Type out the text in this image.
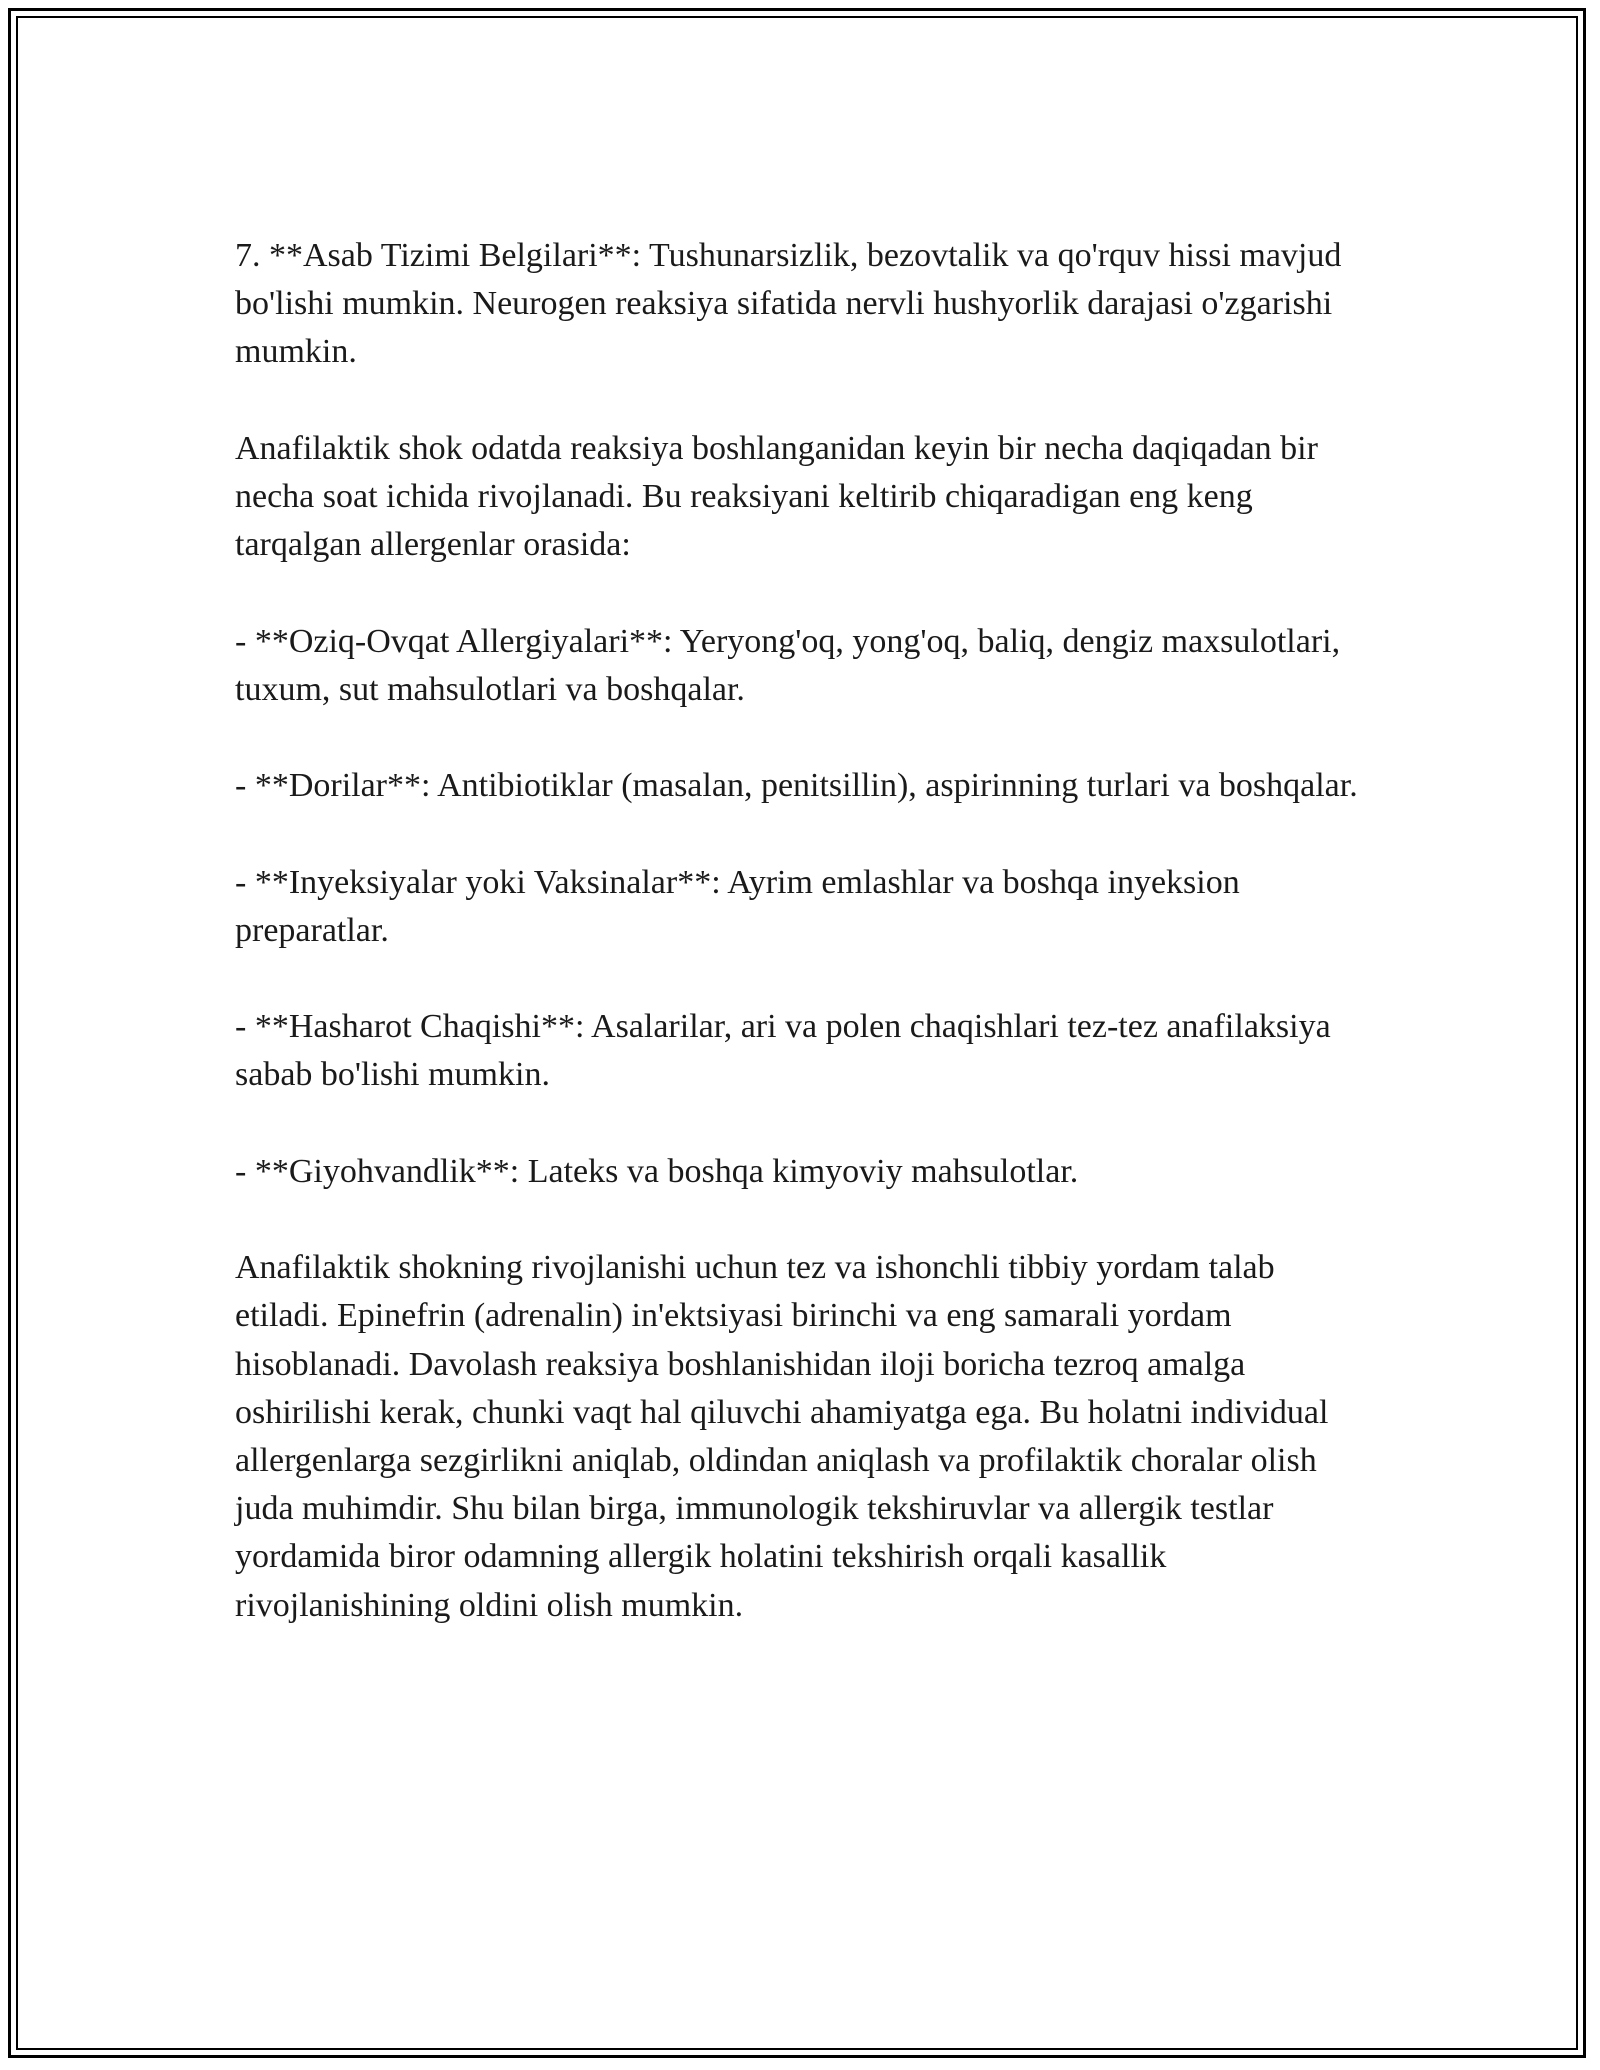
7. **Asab Tizimi Belgilari**: Tushunarsizlik, bezovtalik va qo'rquv hissi mavjud bo'lishi mumkin. Neurogen reaksiya sifatida nervli hushyorlik darajasi o'zgarishi mumkin.

Anafilaktik shok odatda reaksiya boshlanganidan keyin bir necha daqiqadan bir necha soat ichida rivojlanadi. Bu reaksiyani keltirib chiqaradigan eng keng tarqalgan allergenlar orasida:

- **Oziq-Ovqat Allergiyalari**: Yeryong'oq, yong'oq, baliq, dengiz maxsulotlari, tuxum, sut mahsulotlari va boshqalar.

- **Dorilar**: Antibiotiklar (masalan, penitsillin), aspirinning turlari va boshqalar.

- **Inyeksiyalar yoki Vaksinalar**: Ayrim emlashlar va boshqa inyeksion preparatlar.

- **Hasharot Chaqishi**: Asalarilar, ari va polen chaqishlari tez-tez anafilaksiya sabab bo'lishi mumkin.

- **Giyohvandlik**: Lateks va boshqa kimyoviy mahsulotlar.

Anafilaktik shokning rivojlanishi uchun tez va ishonchli tibbiy yordam talab etiladi. Epinefrin (adrenalin) in'ektsiyasi birinchi va eng samarali yordam hisoblanadi. Davolash reaksiya boshlanishidan iloji boricha tezroq amalga oshirilishi kerak, chunki vaqt hal qiluvchi ahamiyatga ega. Bu holatni individual allergenlarga sezgirlikni aniqlab, oldindan aniqlash va profilaktik choralar olish juda muhimdir. Shu bilan birga, immunologik tekshiruvlar va allergik testlar yordamida biror odamning allergik holatini tekshirish orqali kasallik rivojlanishining oldini olish mumkin.
